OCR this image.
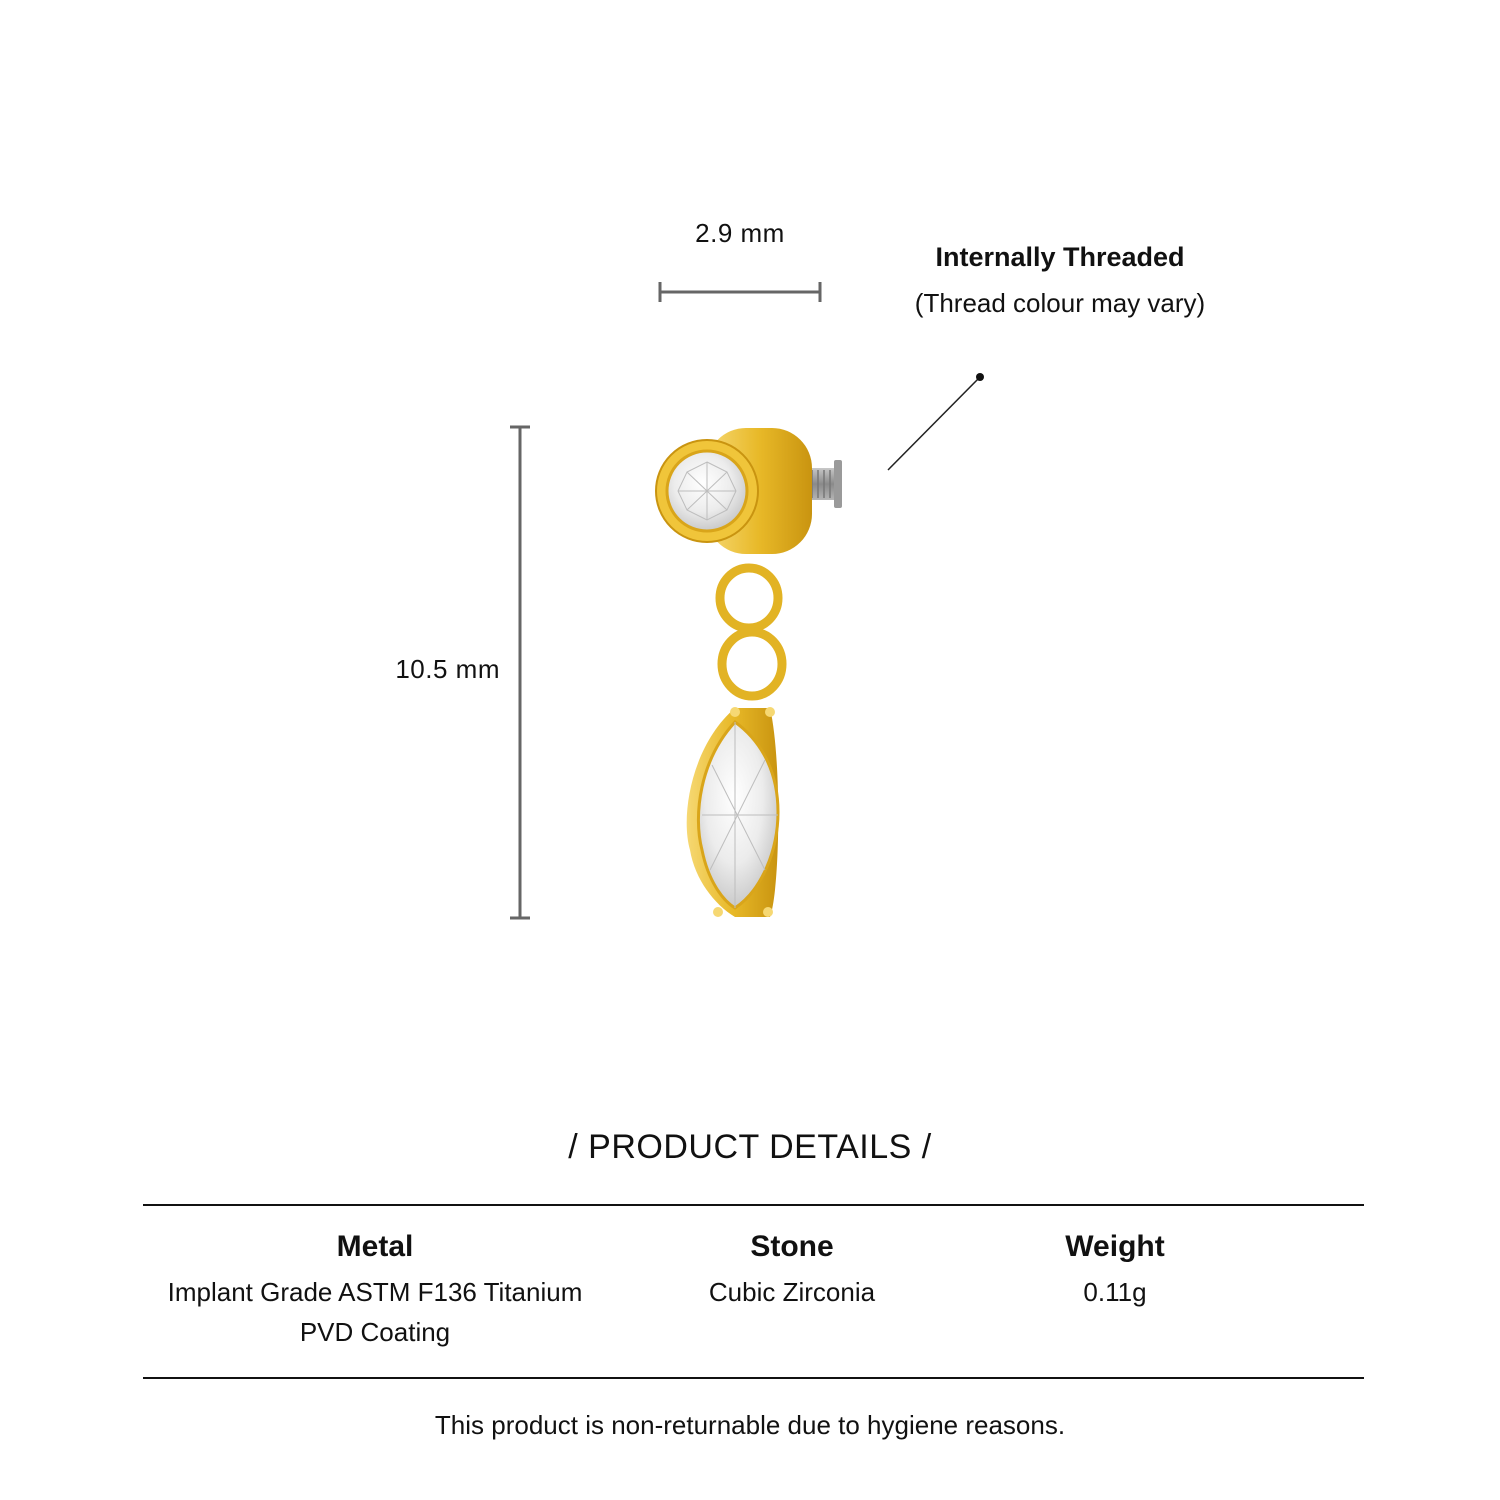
2.9 mm
10.5 mm
Internally Threaded
(Thread colour may vary)
/ PRODUCT DETAILS /
Metal
Implant Grade ASTM F136 Titanium
PVD Coating
Stone
Cubic Zirconia
Weight
0.11g
This product is non-returnable due to hygiene reasons.
